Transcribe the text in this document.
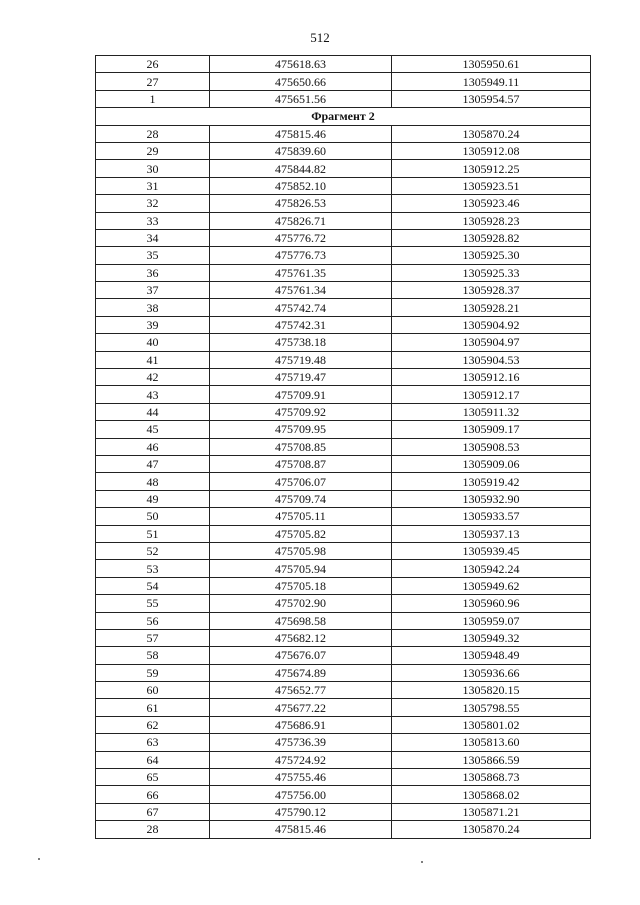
512
26	475618.63	1305950.61
27	475650.66	1305949.11
1	475651.56	1305954.57
Фрагмент 2		
28	475815.46	1305870.24
29	475839.60	1305912.08
30	475844.82	1305912.25
31	475852.10	1305923.51
32	475826.53	1305923.46
33	475826.71	1305928.23
34	475776.72	1305928.82
35	475776.73	1305925.30
36	475761.35	1305925.33
37	475761.34	1305928.37
38	475742.74	1305928.21
39	475742.31	1305904.92
40	475738.18	1305904.97
41	475719.48	1305904.53
42	475719.47	1305912.16
43	475709.91	1305912.17
44	475709.92	1305911.32
45	475709.95	1305909.17
46	475708.85	1305908.53
47	475708.87	1305909.06
48	475706.07	1305919.42
49	475709.74	1305932.90
50	475705.11	1305933.57
51	475705.82	1305937.13
52	475705.98	1305939.45
53	475705.94	1305942.24
54	475705.18	1305949.62
55	475702.90	1305960.96
56	475698.58	1305959.07
57	475682.12	1305949.32
58	475676.07	1305948.49
59	475674.89	1305936.66
60	475652.77	1305820.15
61	475677.22	1305798.55
62	475686.91	1305801.02
63	475736.39	1305813.60
64	475724.92	1305866.59
65	475755.46	1305868.73
66	475756.00	1305868.02
67	475790.12	1305871.21
28	475815.46	1305870.24
